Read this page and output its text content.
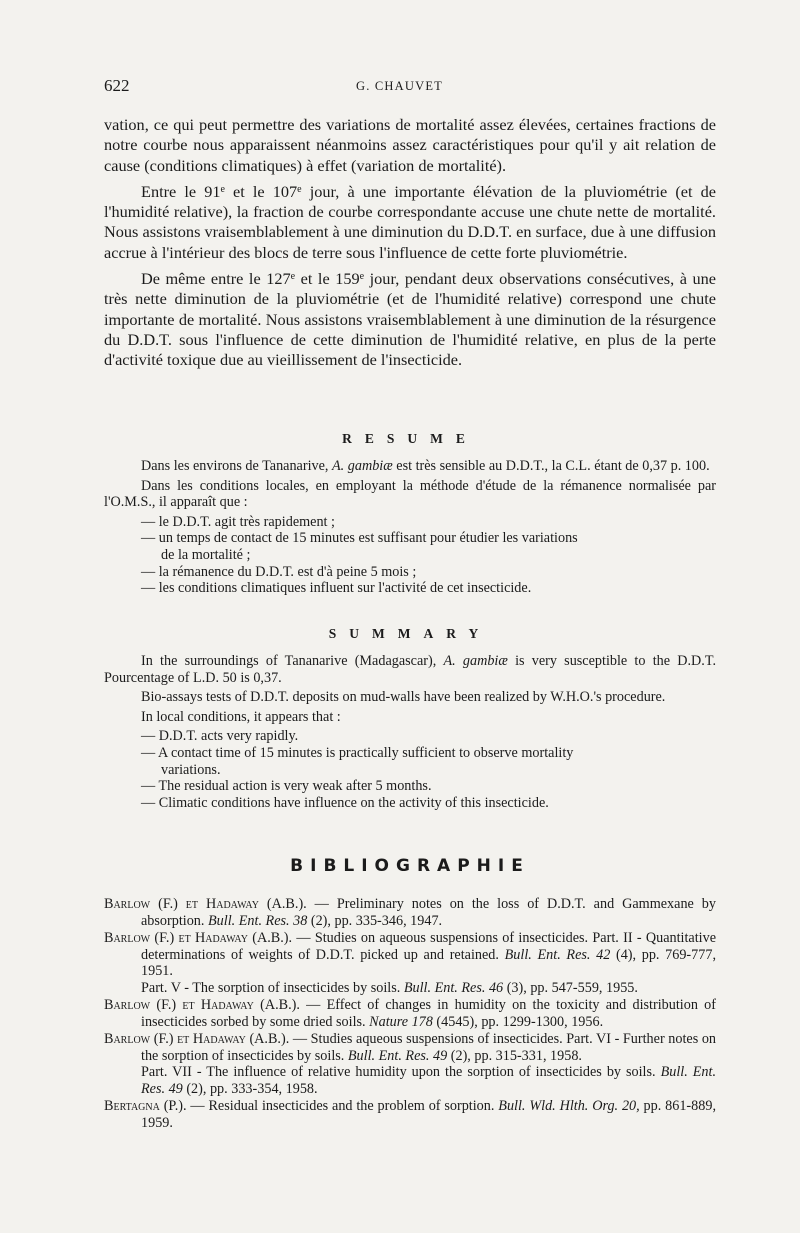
622	G. CHAUVET

vation, ce qui peut permettre des variations de mortalité assez élevées, certaines fractions de notre courbe nous apparaissent néanmoins assez caractéristiques pour qu'il y ait relation de cause (conditions climatiques) à effet (variation de mortalité).

Entre le 91e et le 107e jour, à une importante élévation de la pluviométrie (et de l'humidité relative), la fraction de courbe correspondante accuse une chute nette de mortalité. Nous assistons vraisemblablement à une diminution du D.D.T. en surface, due à une diffusion accrue à l'intérieur des blocs de terre sous l'influence de cette forte pluviométrie.

De même entre le 127e et le 159e jour, pendant deux observations consécutives, à une très nette diminution de la pluviométrie (et de l'humidité relative) correspond une chute importante de mortalité. Nous assistons vraisemblablement à une diminution de la résurgence du D.D.T. sous l'influence de cette diminution de l'humidité relative, en plus de la perte d'activité toxique due au vieillissement de l'insecticide.

RESUME

Dans les environs de Tananarive, A. gambiæ est très sensible au D.D.T., la C.L. étant de 0,37 p. 100.

Dans les conditions locales, en employant la méthode d'étude de la rémanence normalisée par l'O.M.S., il apparaît que :

— le D.D.T. agit très rapidement ;

— un temps de contact de 15 minutes est suffisant pour étudier les variations

de la mortalité ;

— la rémanence du D.D.T. est d'à peine 5 mois ;

— les conditions climatiques influent sur l'activité de cet insecticide.

SUMMARY

In the surroundings of Tananarive (Madagascar), A. gambiæ is very susceptible to the D.D.T. Pourcentage of L.D. 50 is 0,37.

Bio-assays tests of D.D.T. deposits on mud-walls have been realized by W.H.O.'s procedure.

In local conditions, it appears that :

— D.D.T. acts very rapidly.

— A contact time of 15 minutes is practically sufficient to observe mortality

variations.

— The residual action is very weak after 5 months.

— Climatic conditions have influence on the activity of this insecticide.

BIBLIOGRAPHIE

Barlow (F.) et Hadaway (A.B.). — Preliminary notes on the loss of D.D.T. and Gammexane by absorption. Bull. Ent. Res. 38 (2), pp. 335-346, 1947.

Barlow (F.) et Hadaway (A.B.). — Studies on aqueous suspensions of insecticides. Part. II - Quantitative determinations of weights of D.D.T. picked up and retained. Bull. Ent. Res. 42 (4), pp. 769-777, 1951.
Part. V - The sorption of insecticides by soils. Bull. Ent. Res. 46 (3), pp. 547-559, 1955.

Barlow (F.) et Hadaway (A.B.). — Effect of changes in humidity on the toxicity and distribution of insecticides sorbed by some dried soils. Nature 178 (4545), pp. 1299-1300, 1956.

Barlow (F.) et Hadaway (A.B.). — Studies aqueous suspensions of insecticides. Part. VI - Further notes on the sorption of insecticides by soils. Bull. Ent. Res. 49 (2), pp. 315-331, 1958.
Part. VII - The influence of relative humidity upon the sorption of insecticides by soils. Bull. Ent. Res. 49 (2), pp. 333-354, 1958.

Bertagna (P.). — Residual insecticides and the problem of sorption. Bull. Wld. Hlth. Org. 20, pp. 861-889, 1959.
